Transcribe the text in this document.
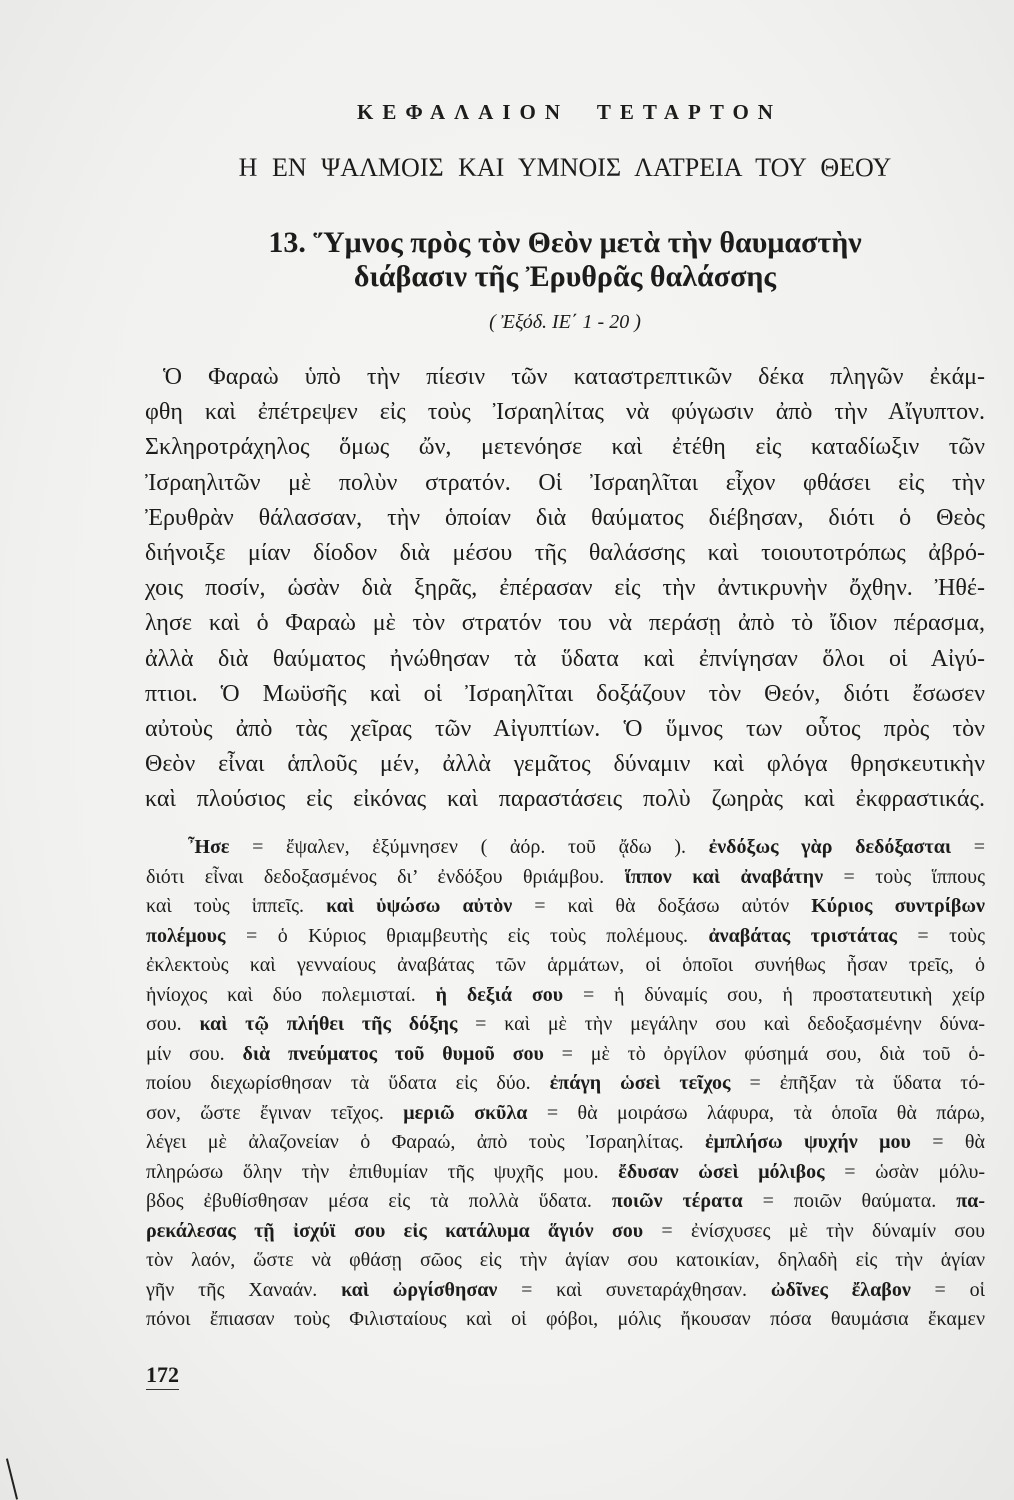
ΚΕΦΑΛΑΙΟΝ ΤΕΤΑΡΤΟΝ
Η ΕΝ ΨΑΛΜΟΙΣ ΚΑΙ ΥΜΝΟΙΣ ΛΑΤΡΕΙΑ ΤΟΥ ΘΕΟΥ
13. Ὕμνος πρὸς τὸν Θεὸν μετὰ τὴν θαυμαστὴν
διάβασιν τῆς Ἐρυθρᾶς θαλάσσης
( Ἐξόδ. ΙΕ΄ 1 - 20 )
Ὁ Φαραὼ ὑπὸ τὴν πίεσιν τῶν καταστρεπτικῶν δέκα πληγῶν ἐκάμ-
φθη καὶ ἐπέτρεψεν εἰς τοὺς Ἰσραηλίτας νὰ φύγωσιν ἀπὸ τὴν Αἴγυπτον.
Σκληροτράχηλος ὅμως ὤν, μετενόησε καὶ ἐτέθη εἰς καταδίωξιν τῶν
Ἰσραηλιτῶν μὲ πολὺν στρατόν. Οἱ Ἰσραηλῖται εἶχον φθάσει εἰς τὴν
Ἐρυθρὰν θάλασσαν, τὴν ὁποίαν διὰ θαύματος διέβησαν, διότι ὁ Θεὸς
διήνοιξε μίαν δίοδον διὰ μέσου τῆς θαλάσσης καὶ τοιουτοτρόπως ἀβρό-
χοις ποσίν, ὡσὰν διὰ ξηρᾶς, ἐπέρασαν εἰς τὴν ἀντικρυνὴν ὄχθην. Ἠθέ-
λησε καὶ ὁ Φαραὼ μὲ τὸν στρατόν του νὰ περάσῃ ἀπὸ τὸ ἴδιον πέρασμα,
ἀλλὰ διὰ θαύματος ἠνώθησαν τὰ ὕδατα καὶ ἐπνίγησαν ὅλοι οἱ Αἰγύ-
πτιοι. Ὁ Μωϋσῆς καὶ οἱ Ἰσραηλῖται δοξάζουν τὸν Θεόν, διότι ἔσωσεν
αὐτοὺς ἀπὸ τὰς χεῖρας τῶν Αἰγυπτίων. Ὁ ὕμνος των οὗτος πρὸς τὸν
Θεὸν εἶναι ἁπλοῦς μέν, ἀλλὰ γεμᾶτος δύναμιν καὶ φλόγα θρησκευτικὴν
καὶ πλούσιος εἰς εἰκόνας καὶ παραστάσεις πολὺ ζωηρὰς καὶ ἐκφραστικάς.
Ἦσε = ἔψαλεν, ἐξύμνησεν ( ἀόρ. τοῦ ᾄδω ). ἐνδόξως γὰρ δεδόξασται =
διότι εἶναι δεδοξασμένος δι’ ἐνδόξου θριάμβου. ἵππον καὶ ἀναβάτην = τοὺς ἵππους
καὶ τοὺς ἱππεῖς. καὶ ὑψώσω αὐτὸν = καὶ θὰ δοξάσω αὐτόν Κύριος συντρίβων
πολέμους = ὁ Κύριος θριαμβευτὴς εἰς τοὺς πολέμους. ἀναβάτας τριστάτας = τοὺς
ἐκλεκτοὺς καὶ γενναίους ἀναβάτας τῶν ἁρμάτων, οἱ ὁποῖοι συνήθως ἦσαν τρεῖς, ὁ
ἡνίοχος καὶ δύο πολεμισταί. ἡ δεξιά σου = ἡ δύναμίς σου, ἡ προστατευτικὴ χείρ
σου. καὶ τῷ πλήθει τῆς δόξης = καὶ μὲ τὴν μεγάλην σου καὶ δεδοξασμένην δύνα-
μίν σου. διὰ πνεύματος τοῦ θυμοῦ σου = μὲ τὸ ὀργίλον φύσημά σου, διὰ τοῦ ὁ-
ποίου διεχωρίσθησαν τὰ ὕδατα εἰς δύο. ἐπάγη ὡσεὶ τεῖχος = ἐπῆξαν τὰ ὕδατα τό-
σον, ὥστε ἔγιναν τεῖχος. μεριῶ σκῦλα = θὰ μοιράσω λάφυρα, τὰ ὁποῖα θὰ πάρω,
λέγει μὲ ἀλαζονείαν ὁ Φαραώ, ἀπὸ τοὺς Ἰσραηλίτας. ἐμπλήσω ψυχήν μου = θὰ
πληρώσω ὅλην τὴν ἐπιθυμίαν τῆς ψυχῆς μου. ἔδυσαν ὡσεὶ μόλιβος = ὡσὰν μόλυ-
βδος ἐβυθίσθησαν μέσα εἰς τὰ πολλὰ ὕδατα. ποιῶν τέρατα = ποιῶν θαύματα. πα-
ρεκάλεσας τῇ ἰσχύϊ σου εἰς κατάλυμα ἅγιόν σου = ἐνίσχυσες μὲ τὴν δύναμίν σου
τὸν λαόν, ὥστε νὰ φθάσῃ σῶος εἰς τὴν ἁγίαν σου κατοικίαν, δηλαδὴ εἰς τὴν ἁγίαν
γῆν τῆς Χαναάν. καὶ ὠργίσθησαν = καὶ συνεταράχθησαν. ὠδῖνες ἔλαβον = οἱ
πόνοι ἔπιασαν τοὺς Φιλισταίους καὶ οἱ φόβοι, μόλις ἤκουσαν πόσα θαυμάσια ἔκαμεν
172
